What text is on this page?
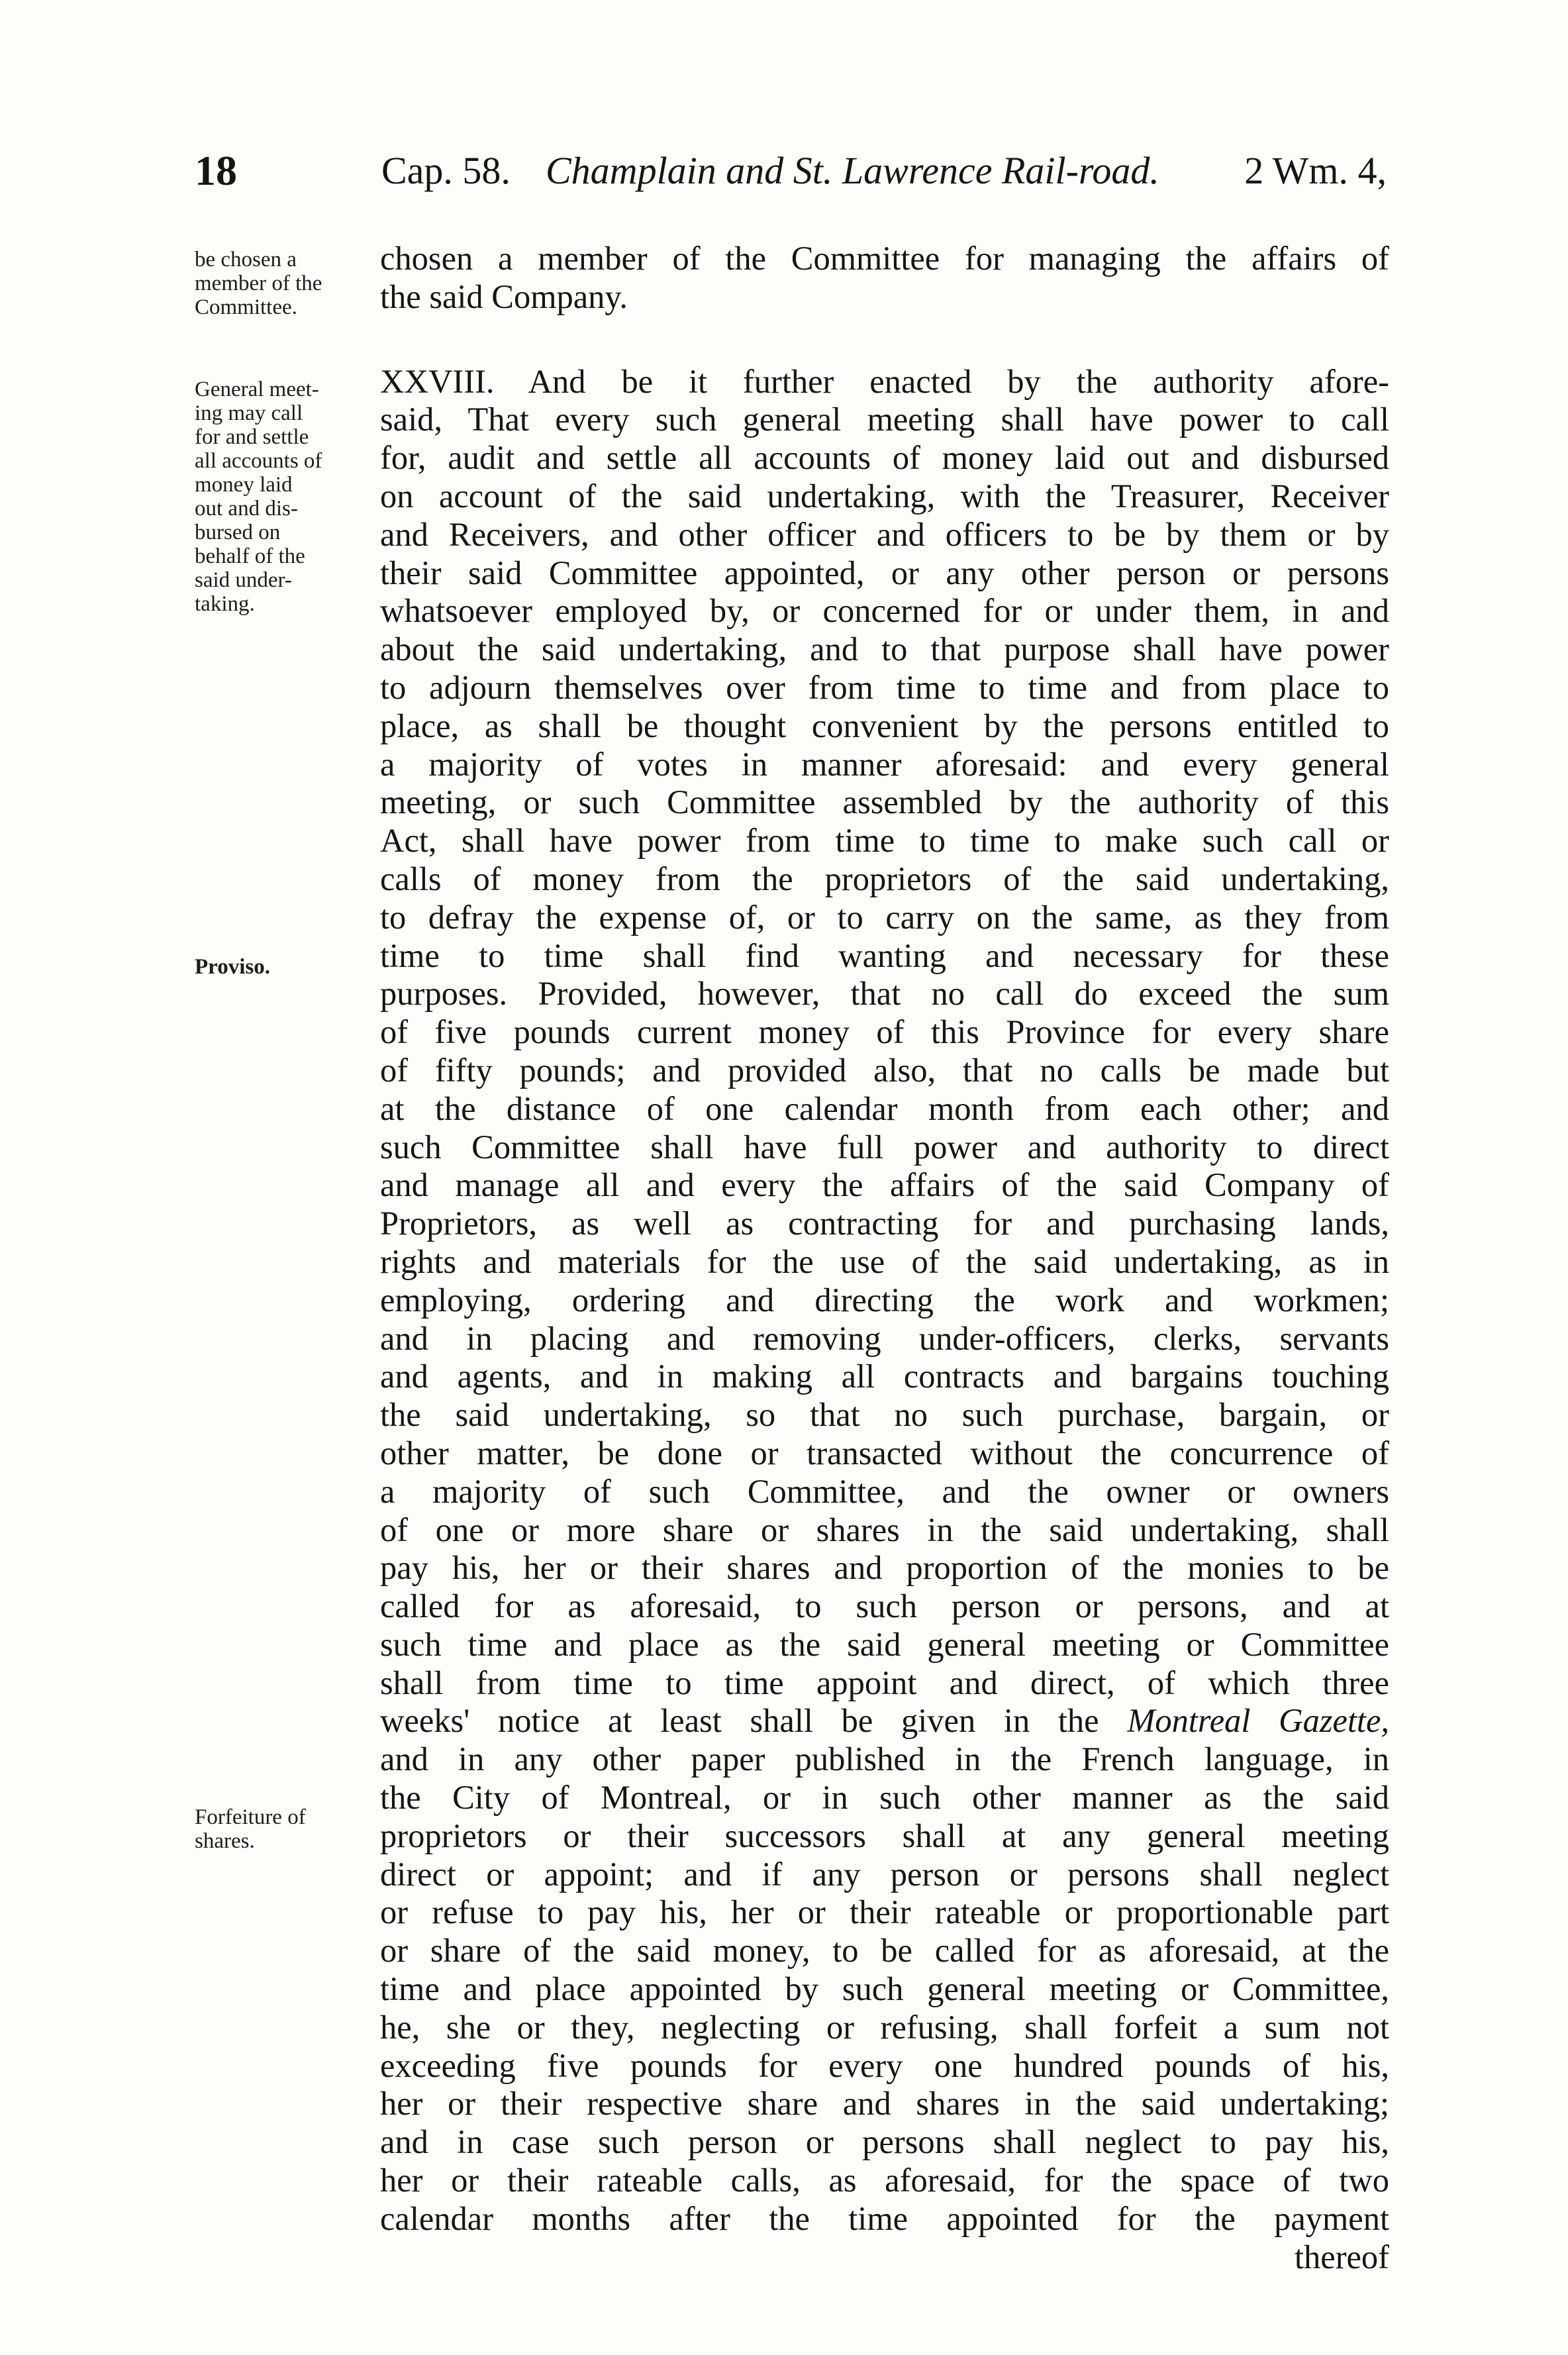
18	Cap. 58. Champlain and St. Lawrence Rail-road. 2 Wm. 4,
be chosen a
member of the
Committee.
General meet-
ing may call
for and settle
all accounts of
money laid
out and dis-
bursed on
behalf of the
said under-
taking.
Proviso.
Forfeiture of
shares.
chosen a member of the Committee for managing the affairs of
the said Company.
XXVIII. And be it further enacted by the authority afore-
said, That every such general meeting shall have power to call
for, audit and settle all accounts of money laid out and disbursed
on account of the said undertaking, with the Treasurer, Receiver
and Receivers, and other officer and officers to be by them or by
their said Committee appointed, or any other person or persons
whatsoever employed by, or concerned for or under them, in and
about the said undertaking, and to that purpose shall have power
to adjourn themselves over from time to time and from place to
place, as shall be thought convenient by the persons entitled to
a majority of votes in manner aforesaid: and every general
meeting, or such Committee assembled by the authority of this
Act, shall have power from time to time to make such call or
calls of money from the proprietors of the said undertaking,
to defray the expense of, or to carry on the same, as they from
time to time shall find wanting and necessary for these
purposes. Provided, however, that no call do exceed the sum
of five pounds current money of this Province for every share
of fifty pounds; and provided also, that no calls be made but
at the distance of one calendar month from each other; and
such Committee shall have full power and authority to direct
and manage all and every the affairs of the said Company of
Proprietors, as well as contracting for and purchasing lands,
rights and materials for the use of the said undertaking, as in
employing, ordering and directing the work and workmen;
and in placing and removing under-officers, clerks, servants
and agents, and in making all contracts and bargains touching
the said undertaking, so that no such purchase, bargain, or
other matter, be done or transacted without the concurrence of
a majority of such Committee, and the owner or owners
of one or more share or shares in the said undertaking, shall
pay his, her or their shares and proportion of the monies to be
called for as aforesaid, to such person or persons, and at
such time and place as the said general meeting or Committee
shall from time to time appoint and direct, of which three
weeks' notice at least shall be given in the Montreal Gazette,
and in any other paper published in the French language, in
the City of Montreal, or in such other manner as the said
proprietors or their successors shall at any general meeting
direct or appoint; and if any person or persons shall neglect
or refuse to pay his, her or their rateable or proportionable part
or share of the said money, to be called for as aforesaid, at the
time and place appointed by such general meeting or Committee,
he, she or they, neglecting or refusing, shall forfeit a sum not
exceeding five pounds for every one hundred pounds of his,
her or their respective share and shares in the said undertaking;
and in case such person or persons shall neglect to pay his,
her or their rateable calls, as aforesaid, for the space of two
calendar months after the time appointed for the payment
thereof
